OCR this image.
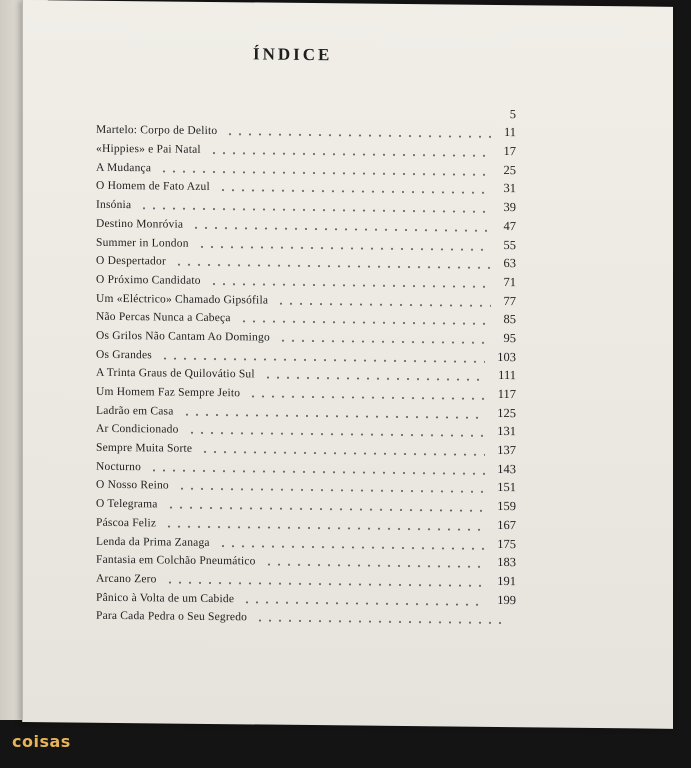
ÍNDICE
5
Martelo: Corpo de Delito	11
«Hippies» e Pai Natal	17
A Mudança	25
O Homem de Fato Azul	31
Insónia	39
Destino Monróvia	47
Summer in London	55
O Despertador	63
O Próximo Candidato	71
Um «Eléctrico» Chamado Gipsófila	77
Não Percas Nunca a Cabeça	85
Os Grilos Não Cantam Ao Domingo	95
Os Grandes	103
A Trinta Graus de Quilovátio Sul	111
Um Homem Faz Sempre Jeito	117
Ladrão em Casa	125
Ar Condicionado	131
Sempre Muita Sorte	137
Nocturno	143
O Nosso Reino	151
O Telegrama	159
Páscoa Feliz	167
Lenda da Prima Zanaga	175
Fantasia em Colchão Pneumático	183
Arcano Zero	191
Pânico à Volta de um Cabide	199
Para Cada Pedra o Seu Segredo
coisas
